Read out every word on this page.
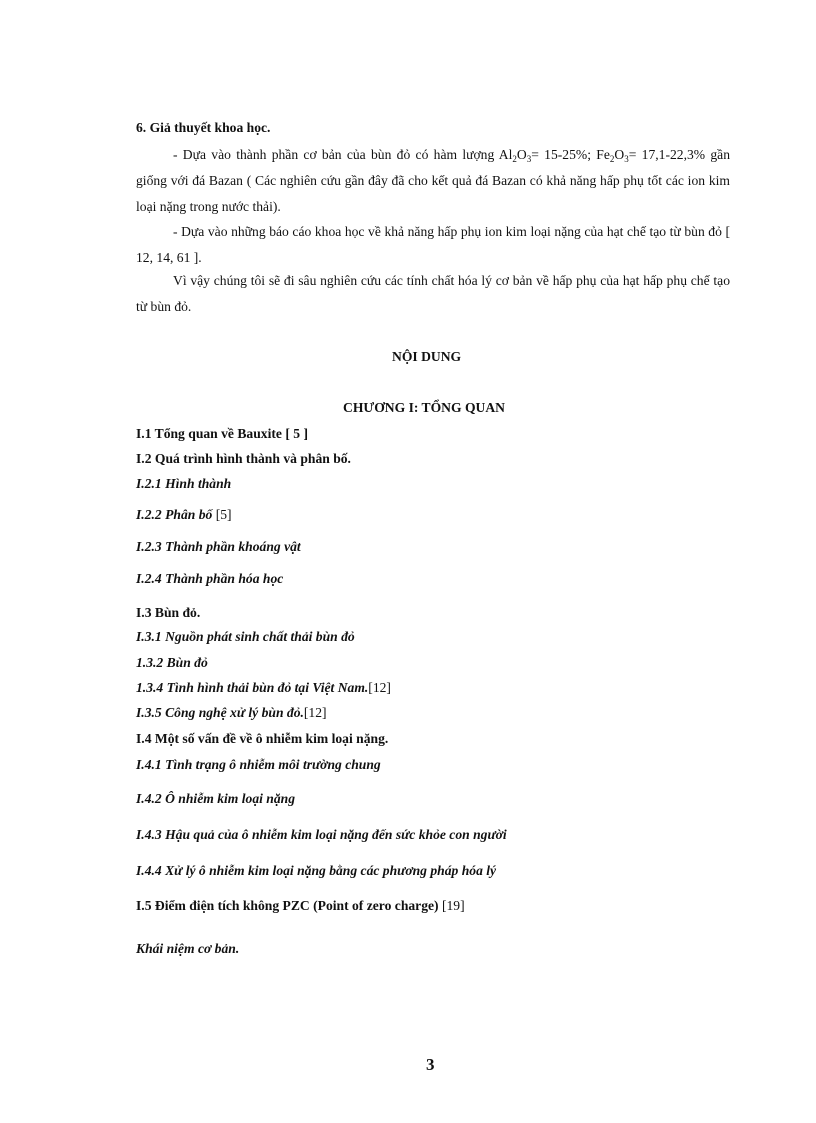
6. Giả thuyết khoa học.
- Dựa vào thành phần cơ bản của bùn đỏ có hàm lượng $Al_2O_3= 15-25\%$; $Fe_2O_3= 17,1-22,3\%$ gần giống với đá Bazan ( Các nghiên cứu gần đây đã cho kết quả đá Bazan có khả năng hấp phụ tốt các ion kim loại nặng trong nước thải).
- Dựa vào những báo cáo khoa học về khả năng hấp phụ ion kim loại nặng của hạt chế tạo từ bùn đỏ [ 12, 14, 61 ].
Vì vậy chúng tôi sẽ đi sâu nghiên cứu các tính chất hóa lý cơ bản về hấp phụ của hạt hấp phụ chế tạo từ bùn đỏ.
NỘI DUNG
CHƯƠNG I: TỔNG QUAN
I.1 Tổng quan về Bauxite [ 5 ]
I.2 Quá trình hình thành và phân bố.
I.2.1 Hình thành
I.2.2 Phân bố [5]
I.2.3 Thành phần khoáng vật
I.2.4 Thành phần hóa học
I.3 Bùn đỏ.
I.3.1 Nguồn phát sinh chất thải bùn đỏ
1.3.2 Bùn đỏ
1.3.4 Tình hình thải bùn đỏ tại Việt Nam.[12]
I.3.5 Công nghệ xử lý bùn đỏ.[12]
I.4 Một số vấn đề về ô nhiễm kim loại nặng.
I.4.1 Tình trạng ô nhiễm môi trường chung
I.4.2 Ô nhiễm kim loại nặng
I.4.3 Hậu quả của ô nhiễm kim loại nặng đến sức khỏe con người
I.4.4 Xử lý ô nhiễm kim loại nặng bằng các phương pháp hóa lý
I.5 Điểm điện tích không PZC (Point of zero charge) [19]
Khái niệm cơ bản.
3
